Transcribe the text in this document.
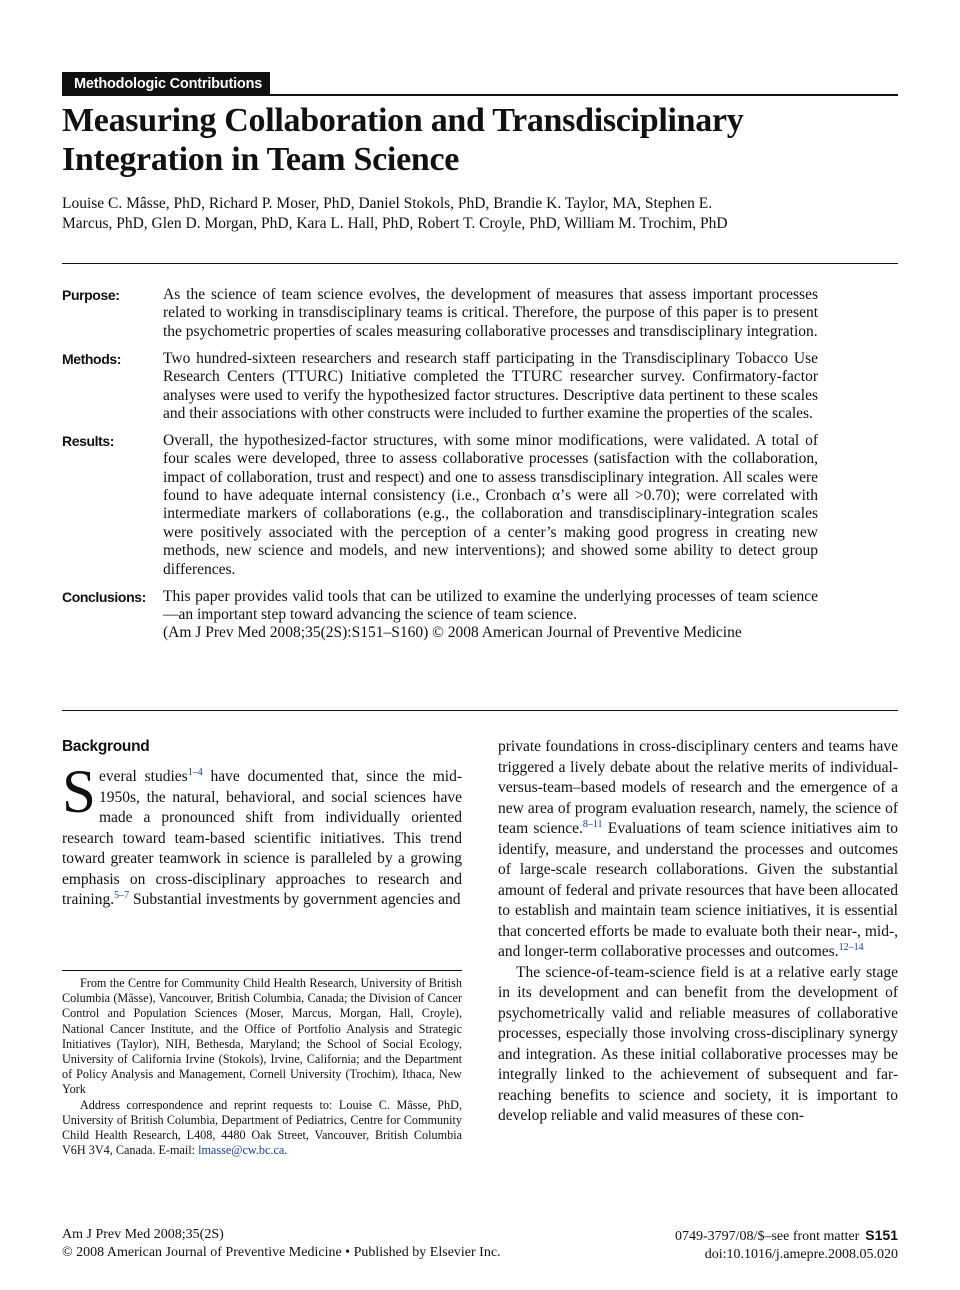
Methodologic Contributions
Measuring Collaboration and Transdisciplinary Integration in Team Science
Louise C. Mâsse, PhD, Richard P. Moser, PhD, Daniel Stokols, PhD, Brandie K. Taylor, MA, Stephen E. Marcus, PhD, Glen D. Morgan, PhD, Kara L. Hall, PhD, Robert T. Croyle, PhD, William M. Trochim, PhD
Purpose:	As the science of team science evolves, the development of measures that assess important processes related to working in transdisciplinary teams is critical. Therefore, the purpose of this paper is to present the psychometric properties of scales measuring collaborative processes and transdisciplinary integration.
Methods:	Two hundred-sixteen researchers and research staff participating in the Transdisciplinary Tobacco Use Research Centers (TTURC) Initiative completed the TTURC researcher survey. Confirmatory-factor analyses were used to verify the hypothesized factor structures. Descriptive data pertinent to these scales and their associations with other constructs were included to further examine the properties of the scales.
Results:	Overall, the hypothesized-factor structures, with some minor modifications, were validated. A total of four scales were developed, three to assess collaborative processes (satisfaction with the collaboration, impact of collaboration, trust and respect) and one to assess transdisciplinary integration. All scales were found to have adequate internal consistency (i.e., Cronbach α’s were all >0.70); were correlated with intermediate markers of collaborations (e.g., the collaboration and transdisciplinary-integration scales were positively associated with the perception of a center’s making good progress in creating new methods, new science and models, and new interventions); and showed some ability to detect group differences.
Conclusions: This paper provides valid tools that can be utilized to examine the underlying processes of team science—an important step toward advancing the science of team science.
(Am J Prev Med 2008;35(2S):S151–S160) © 2008 American Journal of Preventive Medicine
Background

Several studies$^{1-4}$ have documented that, since the mid-1950s, the natural, behavioral, and social sciences have made a pronounced shift from individually oriented research toward team-based scientific initiatives. This trend toward greater teamwork in science is paralleled by a growing emphasis on cross-disciplinary approaches to research and training.$^{5-7}$ Substantial investments by government agencies and

From the Centre for Community Child Health Research, University of British Columbia (Mâsse), Vancouver, British Columbia, Canada; the Division of Cancer Control and Population Sciences (Moser, Marcus, Morgan, Hall, Croyle), National Cancer Institute, and the Office of Portfolio Analysis and Strategic Initiatives (Taylor), NIH, Bethesda, Maryland; the School of Social Ecology, University of California Irvine (Stokols), Irvine, California; and the Department of Policy Analysis and Management, Cornell University (Trochim), Ithaca, New York

Address correspondence and reprint requests to: Louise C. Mâsse, PhD, University of British Columbia, Department of Pediatrics, Centre for Community Child Health Research, L408, 4480 Oak Street, Vancouver, British Columbia V6H 3V4, Canada. E-mail: lmasse@cw.bc.ca.

private foundations in cross-disciplinary centers and teams have triggered a lively debate about the relative merits of individual-versus-team–based models of research and the emergence of a new area of program evaluation research, namely, the science of team science.$^{8-11}$ Evaluations of team science initiatives aim to identify, measure, and understand the processes and outcomes of large-scale research collaborations. Given the substantial amount of federal and private resources that have been allocated to establish and maintain team science initiatives, it is essential that concerted efforts be made to evaluate both their near-, mid-, and longer-term collaborative processes and outcomes.$^{12-14}$

The science-of-team-science field is at a relative early stage in its development and can benefit from the development of psychometrically valid and reliable measures of collaborative processes, especially those involving cross-disciplinary synergy and integration. As these initial collaborative processes may be integrally linked to the achievement of subsequent and far-reaching benefits to science and society, it is important to develop reliable and valid measures of these con-

Am J Prev Med 2008;35(2S)
© 2008 American Journal of Preventive Medicine • Published by Elsevier Inc.
0749-3797/08/$–see front matter S151
doi:10.1016/j.amepre.2008.05.020
